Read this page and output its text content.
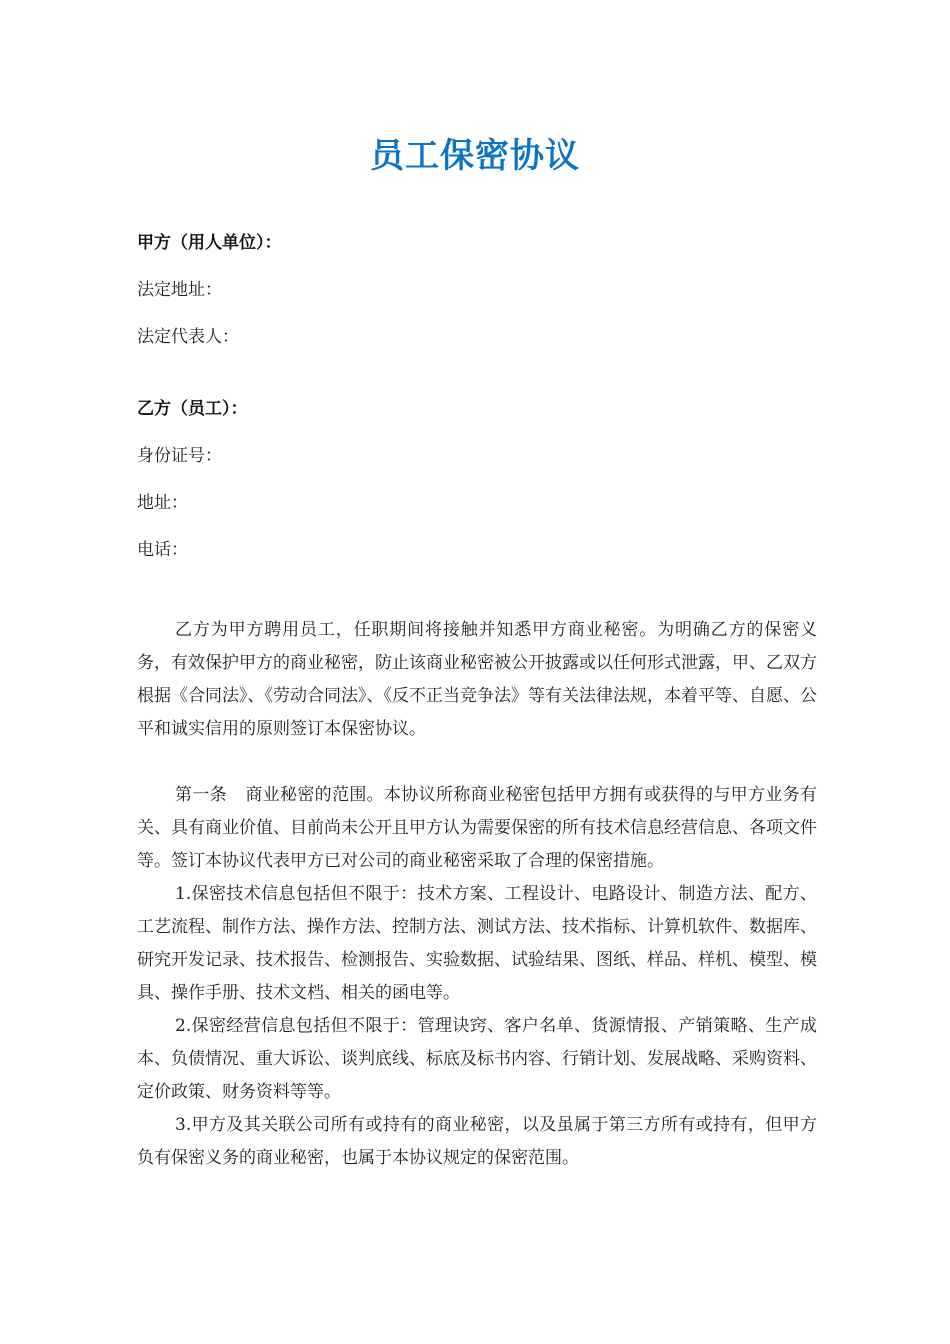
员工保密协议
甲方（用人单位）：
法定地址：
法定代表人：
乙方（员工）：
身份证号：
地址：
电话：

乙方为甲方聘用员工，任职期间将接触并知悉甲方商业秘密。为明确乙方的保密义务，有效保护甲方的商业秘密，防止该商业秘密被公开披露或以任何形式泄露，甲、乙双方根据《合同法》、《劳动合同法》、《反不正当竞争法》等有关法律法规，本着平等、自愿、公平和诚实信用的原则签订本保密协议。

第一条 商业秘密的范围。本协议所称商业秘密包括甲方拥有或获得的与甲方业务有关、具有商业价值、目前尚未公开且甲方认为需要保密的所有技术信息经营信息、各项文件等。签订本协议代表甲方已对公司的商业秘密采取了合理的保密措施。

1.保密技术信息包括但不限于：技术方案、工程设计、电路设计、制造方法、配方、工艺流程、制作方法、操作方法、控制方法、测试方法、技术指标、计算机软件、数据库、研究开发记录、技术报告、检测报告、实验数据、试验结果、图纸、样品、样机、模型、模具、操作手册、技术文档、相关的函电等。

2.保密经营信息包括但不限于：管理诀窍、客户名单、货源情报、产销策略、生产成本、负债情况、重大诉讼、谈判底线、标底及标书内容、行销计划、发展战略、采购资料、定价政策、财务资料等等。

3.甲方及其关联公司所有或持有的商业秘密，以及虽属于第三方所有或持有，但甲方负有保密义务的商业秘密，也属于本协议规定的保密范围。
